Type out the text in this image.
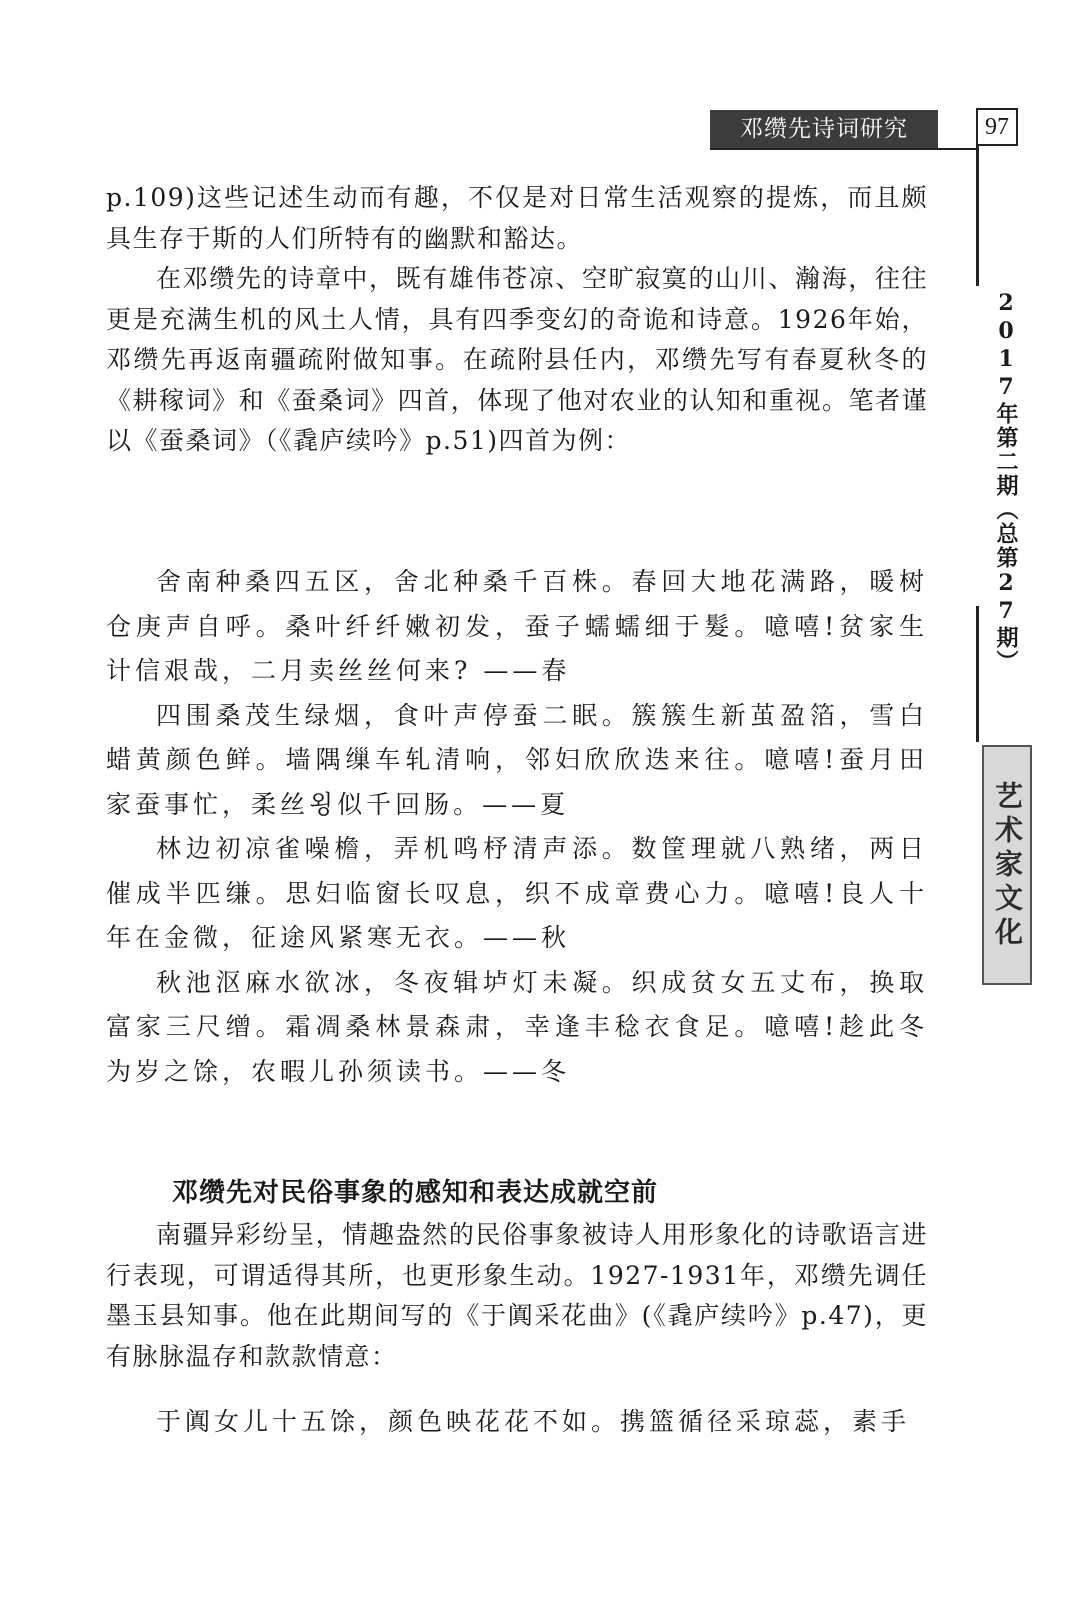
邓缵先诗词研究	97
2017年第二期（总第27期）
艺术家文化

p.109)这些记述生动而有趣，不仅是对日常生活观察的提炼，而且颇具生存于斯的人们所特有的幽默和豁达。

在邓缵先的诗章中，既有雄伟苍凉、空旷寂寞的山川、瀚海，往往更是充满生机的风土人情，具有四季变幻的奇诡和诗意。1926年始，邓缵先再返南疆疏附做知事。在疏附县任内，邓缵先写有春夏秋冬的《耕稼词》和《蚕桑词》四首，体现了他对农业的认知和重视。笔者谨以《蚕桑词》（《毳庐续吟》p.51)四首为例：

舍南种桑四五区，舍北种桑千百株。春回大地花满路，暖树仓庚声自呼。桑叶纤纤嫩初发，蚕子蠕蠕细于髮。噫嘻!贫家生计信艰哉，二月卖丝丝何来? ——春

四围桑茂生绿烟，食叶声停蚕二眠。簇簇生新茧盈箔，雪白蜡黄颜色鲜。墙隅缫车轧清响，邻妇欣欣迭来往。噫嘻!蚕月田家蚕事忙，柔丝욍似千回肠。——夏

林边初凉雀噪檐，弄机鸣杼清声添。数筐理就八熟绪，两日催成半匹缣。思妇临窗长叹息，织不成章费心力。噫嘻!良人十年在金微，征途风紧寒无衣。——秋

秋池沤麻水欲冰，冬夜辑垆灯未凝。织成贫女五丈布，换取富家三尺缯。霜凋桑林景森肃，幸逢丰稔衣食足。噫嘻!趁此冬为岁之馀，农暇儿孙须读书。——冬

邓缵先对民俗事象的感知和表达成就空前

南疆异彩纷呈，情趣盎然的民俗事象被诗人用形象化的诗歌语言进行表现，可谓适得其所，也更形象生动。1927-1931年，邓缵先调任墨玉县知事。他在此期间写的《于阗采花曲》(《毳庐续吟》p.47)，更有脉脉温存和款款情意：

于阗女儿十五馀，颜色映花花不如。携篮循径采琼蕊，素手
